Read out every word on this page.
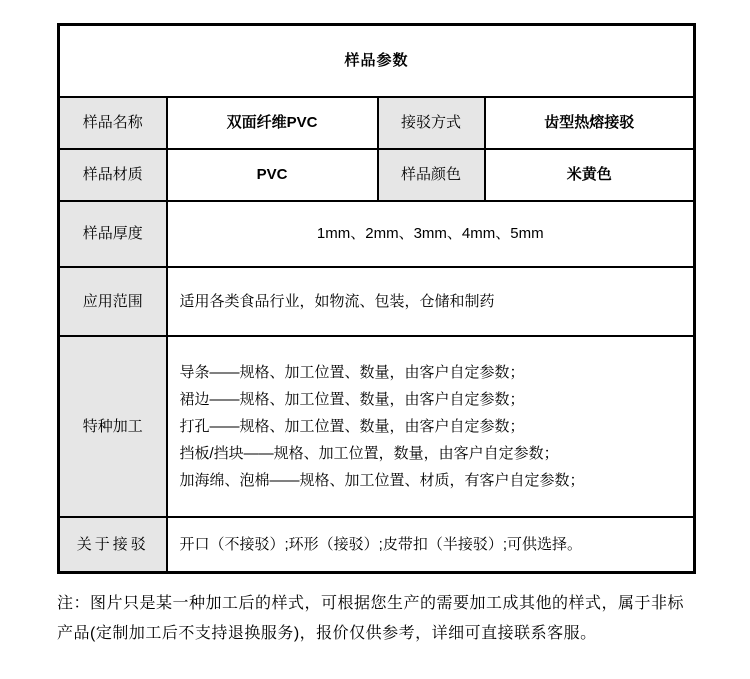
样品参数			
样品名称	双面纤维PVC	接驳方式	齿型热熔接驳
样品材质	PVC	样品颜色	米黄色
样品厚度	1mm、2mm、3mm、4mm、5mm		
应用范围	适用各类食品行业，如物流、包装，仓储和制药		
特种加工	导条——规格、加工位置、数量，由客户自定参数；
裙边——规格、加工位置、数量，由客户自定参数；
打孔——规格、加工位置、数量，由客户自定参数；
挡板/挡块——规格、加工位置，数量，由客户自定参数；
加海绵、泡棉——规格、加工位置、材质，有客户自定参数；		

关于接驳	开口（不接驳）;环形（接驳）;皮带扣（半接驳）;可供选择。		
注：图片只是某一种加工后的样式，可根据您生产的需要加工成其他的样式，属于非标
产品(定制加工后不支持退换服务)，报价仅供参考，详细可直接联系客服。
